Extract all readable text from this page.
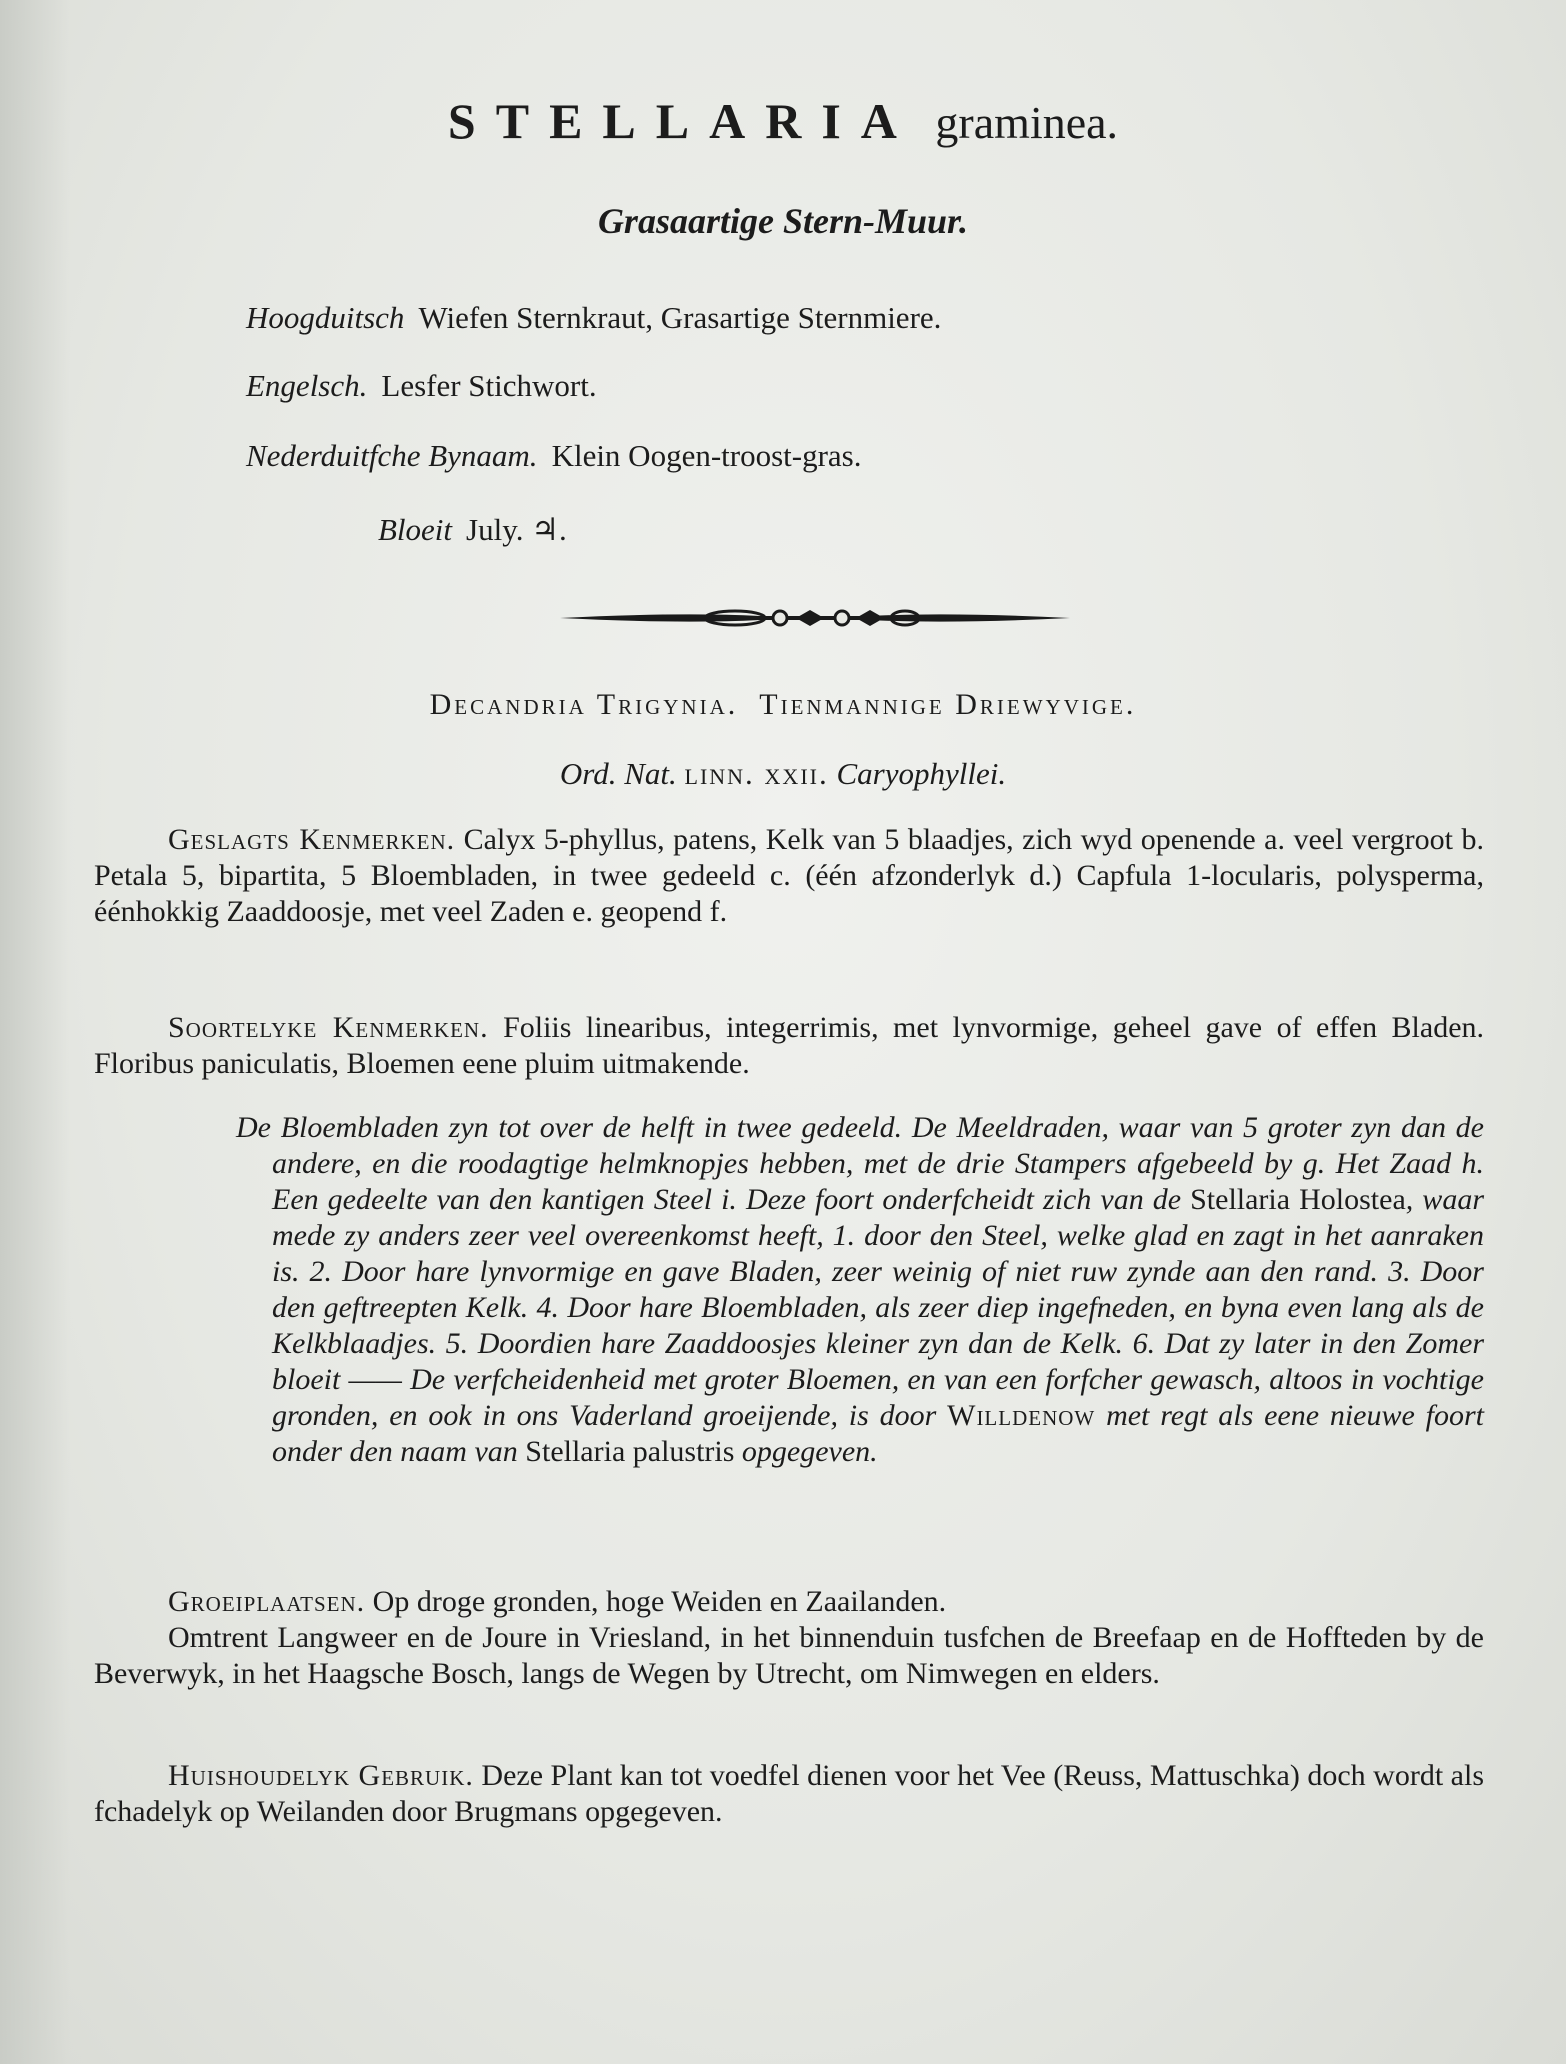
STELLARIA graminea.
Grasaartige Stern-Muur.
Hoogduitsch Wiefen Sternkraut, Grasartige Sternmiere.
Engelsch. Lesfer Stichwort.
Nederduitfche Bynaam. Klein Oogen-troost-gras.
Bloeit July. ♃.
Decandria Trigynia. Tienmannige Driewyvige.
Ord. Nat. linn. xxii. Caryophyllei.
Geslagts Kenmerken. Calyx 5-phyllus, patens, Kelk van 5 blaadjes, zich wyd openende a. veel vergroot b. Petala 5, bipartita, 5 Bloembladen, in twee gedeeld c. (één afzonderlyk d.) Capfula 1-locularis, polysperma, éénhokkig Zaaddoosje, met veel Zaden e. geopend f.
Soortelyke Kenmerken. Foliis linearibus, integerrimis, met lynvormige, geheel gave of effen Bladen. Floribus paniculatis, Bloemen eene pluim uitmakende.
De Bloembladen zyn tot over de helft in twee gedeeld. De Meeldraden, waar van 5 groter zyn dan de andere, en die roodagtige helmknopjes hebben, met de drie Stampers afgebeeld by g. Het Zaad h. Een gedeelte van den kantigen Steel i. Deze foort onderfcheidt zich van de Stellaria Holostea, waar mede zy anders zeer veel overeenkomst heeft, 1. door den Steel, welke glad en zagt in het aanraken is. 2. Door hare lynvormige en gave Bladen, zeer weinig of niet ruw zynde aan den rand. 3. Door den geftreepten Kelk. 4. Door hare Bloembladen, als zeer diep ingefneden, en byna even lang als de Kelkblaadjes. 5. Doordien hare Zaaddoosjes kleiner zyn dan de Kelk. 6. Dat zy later in den Zomer bloeit —— De verfcheidenheid met groter Bloemen, en van een forfcher gewasch, altoos in vochtige gronden, en ook in ons Vaderland groeijende, is door Willdenow met regt als eene nieuwe foort onder den naam van Stellaria palustris opgegeven.
Groeiplaatsen. Op droge gronden, hoge Weiden en Zaailanden.
Omtrent Langweer en de Joure in Vriesland, in het binnenduin tusfchen de Breefaap en de Hoffteden by de Beverwyk, in het Haagsche Bosch, langs de Wegen by Utrecht, om Nimwegen en elders.
Huishoudelyk Gebruik. Deze Plant kan tot voedfel dienen voor het Vee (Reuss, Mattuschka) doch wordt als fchadelyk op Weilanden door Brugmans opgegeven.
